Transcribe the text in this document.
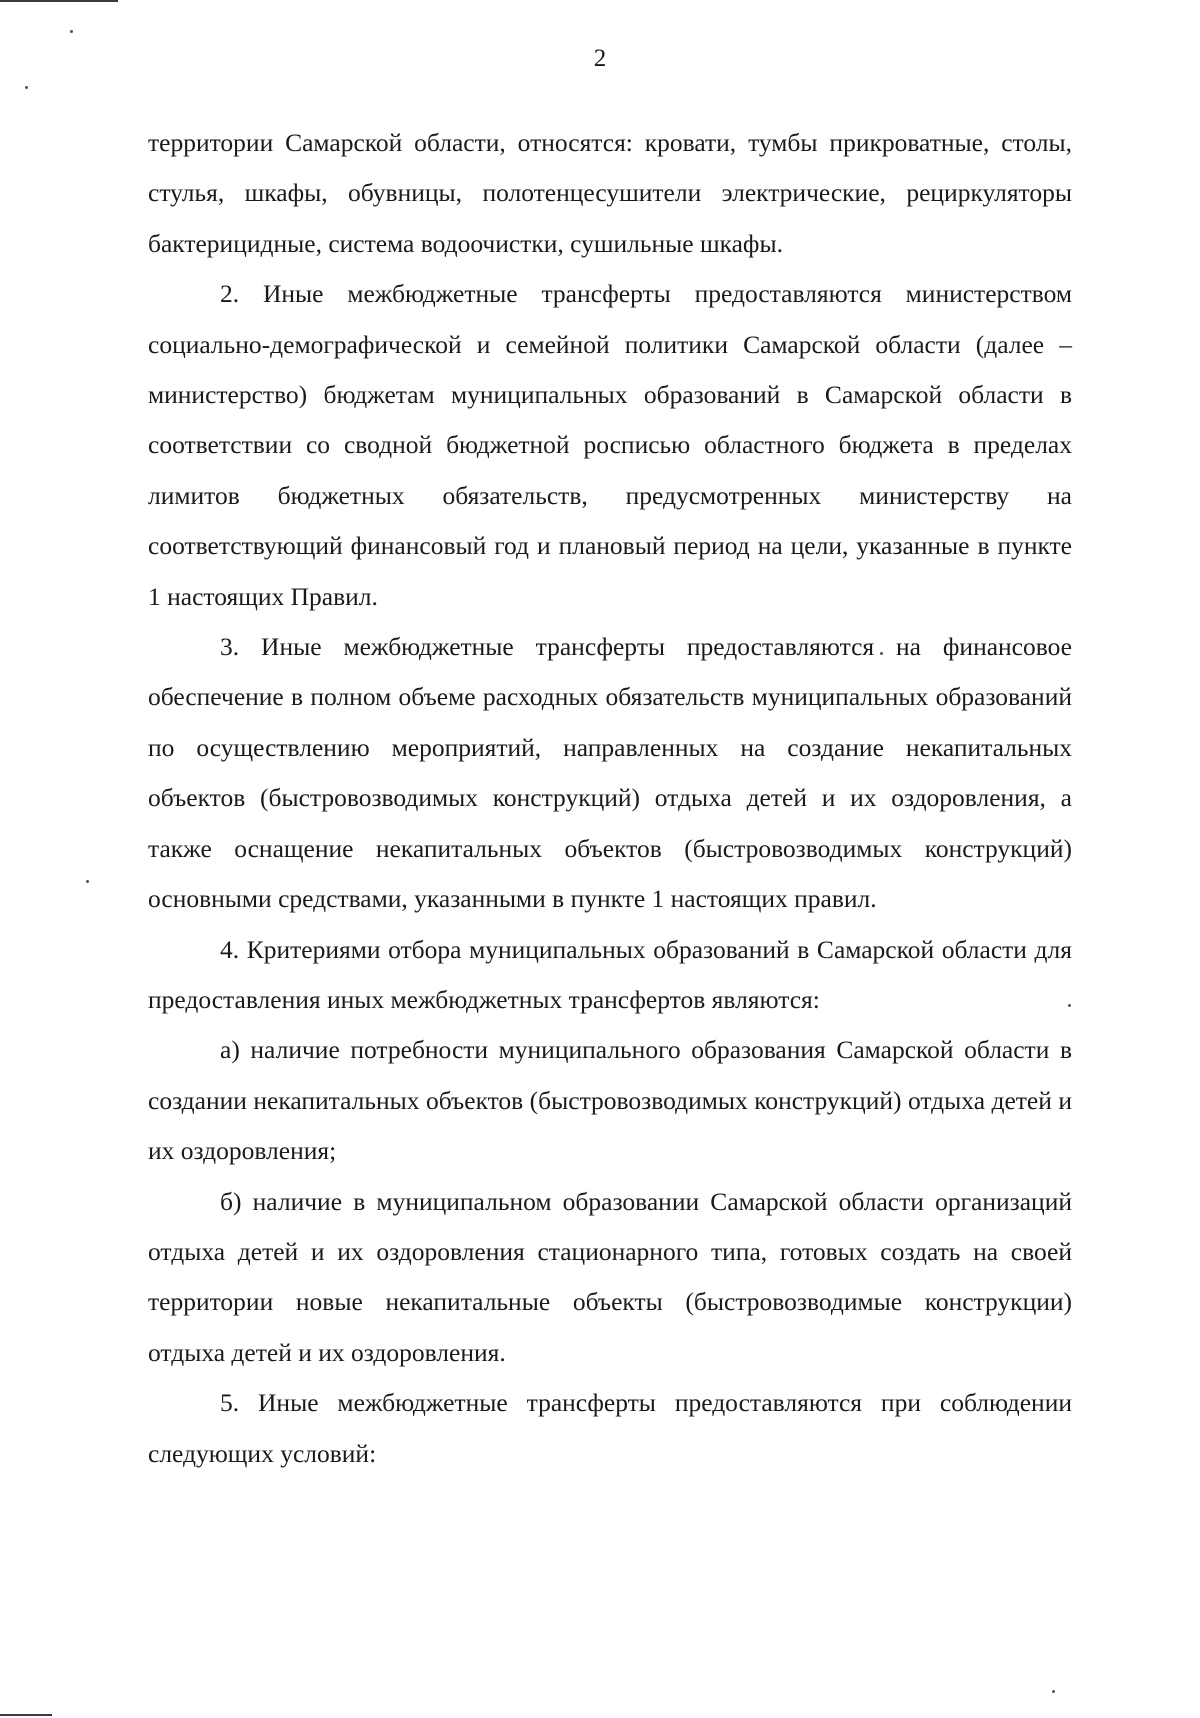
2

территории Самарской области, относятся: кровати, тумбы прикроватные, столы, стулья, шкафы, обувницы, полотенцесушители электрические, рециркуляторы бактерицидные, система водоочистки, сушильные шкафы.

2. Иные межбюджетные трансферты предоставляются министерством социально-демографической и семейной политики Самарской области (далее – министерство) бюджетам муниципальных образований в Самарской области в соответствии со сводной бюджетной росписью областного бюджета в пределах лимитов бюджетных обязательств, предусмотренных министерству на соответствующий финансовый год и плановый период на цели, указанные в пункте 1 настоящих Правил.

3. Иные межбюджетные трансферты предоставляются на финансовое обеспечение в полном объеме расходных обязательств муниципальных образований по осуществлению мероприятий, направленных на создание некапитальных объектов (быстровозводимых конструкций) отдыха детей и их оздоровления, а также оснащение некапитальных объектов (быстровозводимых конструкций) основными средствами, указанными в пункте 1 настоящих правил.

4. Критериями отбора муниципальных образований в Самарской области для предоставления иных межбюджетных трансфертов являются:

а) наличие потребности муниципального образования Самарской области в создании некапитальных объектов (быстровозводимых конструкций) отдыха детей и их оздоровления;

б) наличие в муниципальном образовании Самарской области организаций отдыха детей и их оздоровления стационарного типа, готовых создать на своей территории новые некапитальные объекты (быстровозводимые конструкции) отдыха детей и их оздоровления.

5. Иные межбюджетные трансферты предоставляются при соблюдении следующих условий:
